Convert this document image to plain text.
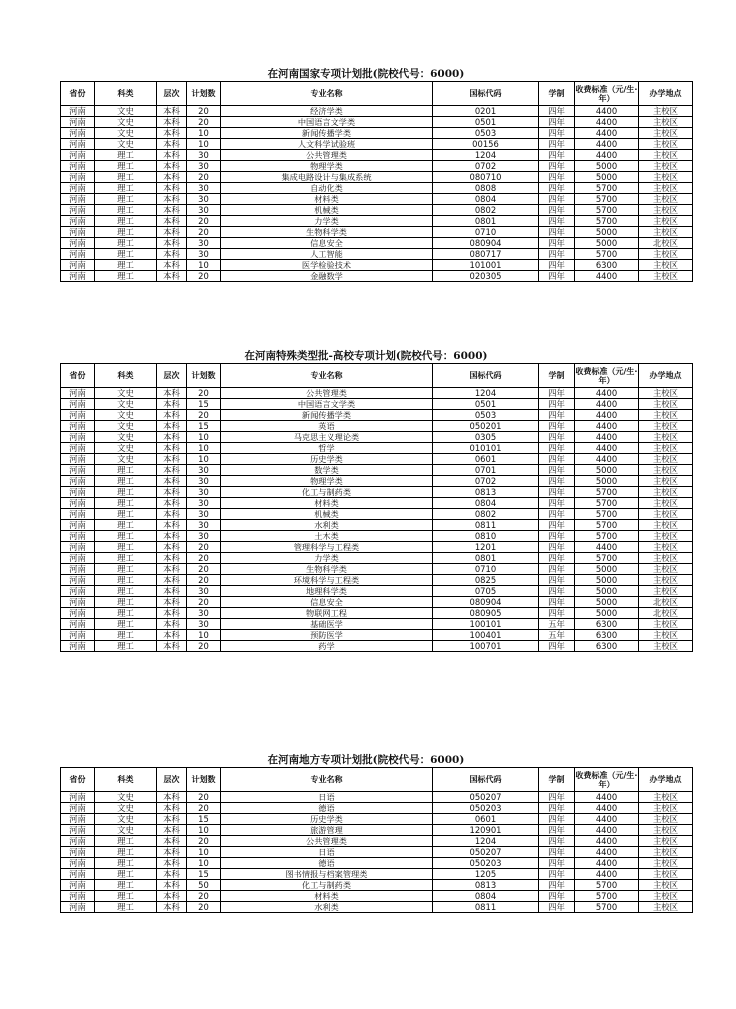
在河南国家专项计划批(院校代号：6000)
省份	科类	层次	计划数	专业名称	国标代码	学制	收费标准（元/生·年）	办学地点
河南	文史	本科	20	经济学类	0201	四年	4400	主校区
河南	文史	本科	20	中国语言文学类	0501	四年	4400	主校区
河南	文史	本科	10	新闻传播学类	0503	四年	4400	主校区
河南	文史	本科	10	人文科学试验班	00156	四年	4400	主校区
河南	理工	本科	30	公共管理类	1204	四年	4400	主校区
河南	理工	本科	30	物理学类	0702	四年	5000	主校区
河南	理工	本科	20	集成电路设计与集成系统	080710	四年	5000	主校区
河南	理工	本科	30	自动化类	0808	四年	5700	主校区
河南	理工	本科	30	材料类	0804	四年	5700	主校区
河南	理工	本科	30	机械类	0802	四年	5700	主校区
河南	理工	本科	20	力学类	0801	四年	5700	主校区
河南	理工	本科	20	生物科学类	0710	四年	5000	主校区
河南	理工	本科	30	信息安全	080904	四年	5000	北校区
河南	理工	本科	30	人工智能	080717	四年	5700	主校区
河南	理工	本科	10	医学检验技术	101001	四年	6300	主校区
河南	理工	本科	20	金融数学	020305	四年	4400	主校区
在河南特殊类型批-高校专项计划(院校代号：6000)
省份	科类	层次	计划数	专业名称	国标代码	学制	收费标准（元/生·年）	办学地点
河南	文史	本科	20	公共管理类	1204	四年	4400	主校区
河南	文史	本科	15	中国语言文学类	0501	四年	4400	主校区
河南	文史	本科	20	新闻传播学类	0503	四年	4400	主校区
河南	文史	本科	15	英语	050201	四年	4400	主校区
河南	文史	本科	10	马克思主义理论类	0305	四年	4400	主校区
河南	文史	本科	10	哲学	010101	四年	4400	主校区
河南	文史	本科	10	历史学类	0601	四年	4400	主校区
河南	理工	本科	30	数学类	0701	四年	5000	主校区
河南	理工	本科	30	物理学类	0702	四年	5000	主校区
河南	理工	本科	30	化工与制药类	0813	四年	5700	主校区
河南	理工	本科	30	材料类	0804	四年	5700	主校区
河南	理工	本科	30	机械类	0802	四年	5700	主校区
河南	理工	本科	30	水利类	0811	四年	5700	主校区
河南	理工	本科	30	土木类	0810	四年	5700	主校区
河南	理工	本科	20	管理科学与工程类	1201	四年	4400	主校区
河南	理工	本科	20	力学类	0801	四年	5700	主校区
河南	理工	本科	20	生物科学类	0710	四年	5000	主校区
河南	理工	本科	20	环境科学与工程类	0825	四年	5000	主校区
河南	理工	本科	30	地理科学类	0705	四年	5000	主校区
河南	理工	本科	20	信息安全	080904	四年	5000	北校区
河南	理工	本科	30	物联网工程	080905	四年	5000	北校区
河南	理工	本科	30	基础医学	100101	五年	6300	主校区
河南	理工	本科	10	预防医学	100401	五年	6300	主校区
河南	理工	本科	20	药学	100701	四年	6300	主校区
在河南地方专项计划批(院校代号：6000)
省份	科类	层次	计划数	专业名称	国标代码	学制	收费标准（元/生·年）	办学地点
河南	文史	本科	20	日语	050207	四年	4400	主校区
河南	文史	本科	20	德语	050203	四年	4400	主校区
河南	文史	本科	15	历史学类	0601	四年	4400	主校区
河南	文史	本科	10	旅游管理	120901	四年	4400	主校区
河南	理工	本科	20	公共管理类	1204	四年	4400	主校区
河南	理工	本科	10	日语	050207	四年	4400	主校区
河南	理工	本科	10	德语	050203	四年	4400	主校区
河南	理工	本科	15	图书情报与档案管理类	1205	四年	4400	主校区
河南	理工	本科	50	化工与制药类	0813	四年	5700	主校区
河南	理工	本科	20	材料类	0804	四年	5700	主校区
河南	理工	本科	20	水利类	0811	四年	5700	主校区
